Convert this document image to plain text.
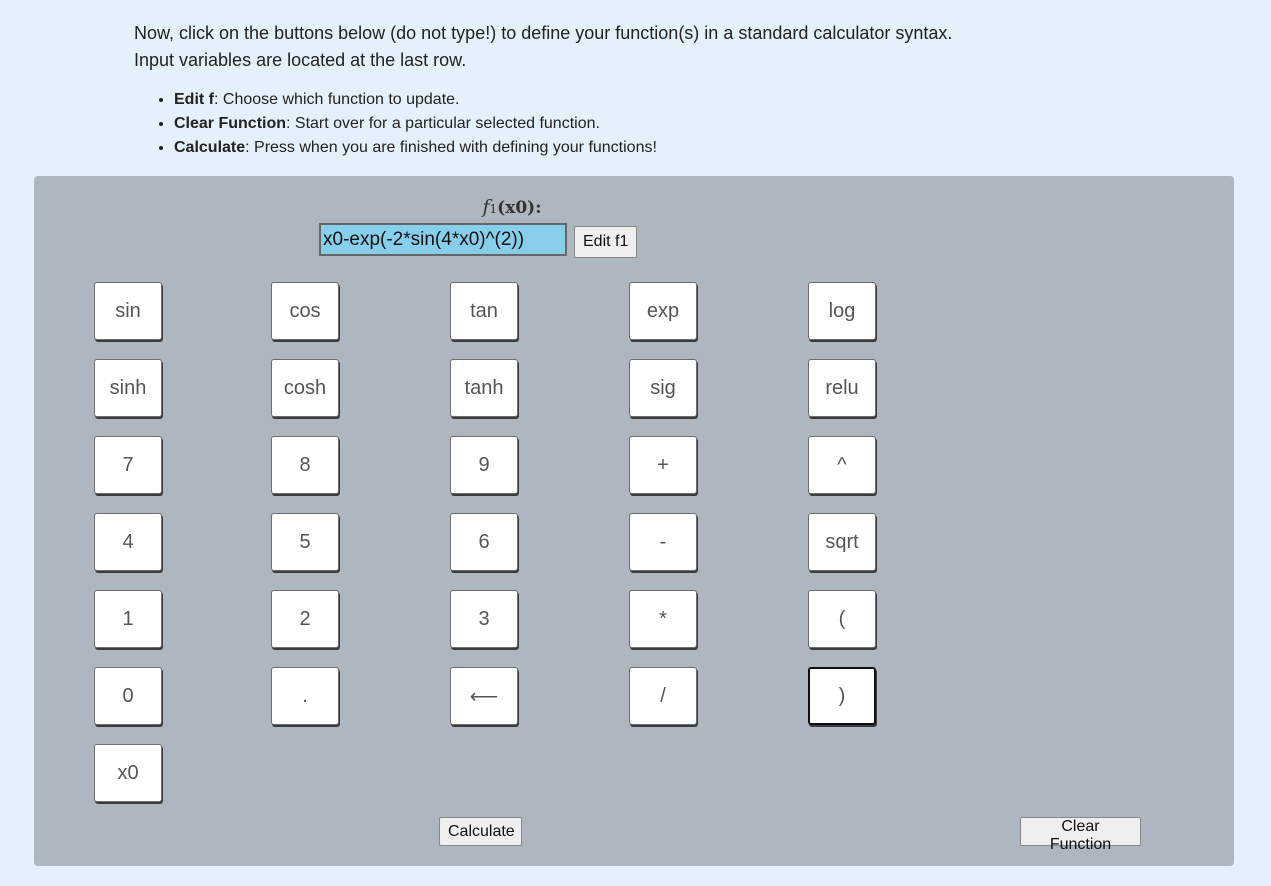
Now, click on the buttons below (do not type!) to define your function(s) in a standard calculator syntax.

Input variables are located at the last row.

• Edit f: Choose which function to update.
• Clear Function: Start over for a particular selected function.
• Calculate: Press when you are finished with defining your functions!
f1(x0):
x0-exp(-2*sin(4*x0)^(2))
Edit f1
sin	cos	tan	exp	log
sinh	cosh	tanh	sig	relu
7	8	9	+	^
4	5	6	-	sqrt
1	2	3	*	(
0	.	⟵	/	)
x0
Calculate	Clear Function
